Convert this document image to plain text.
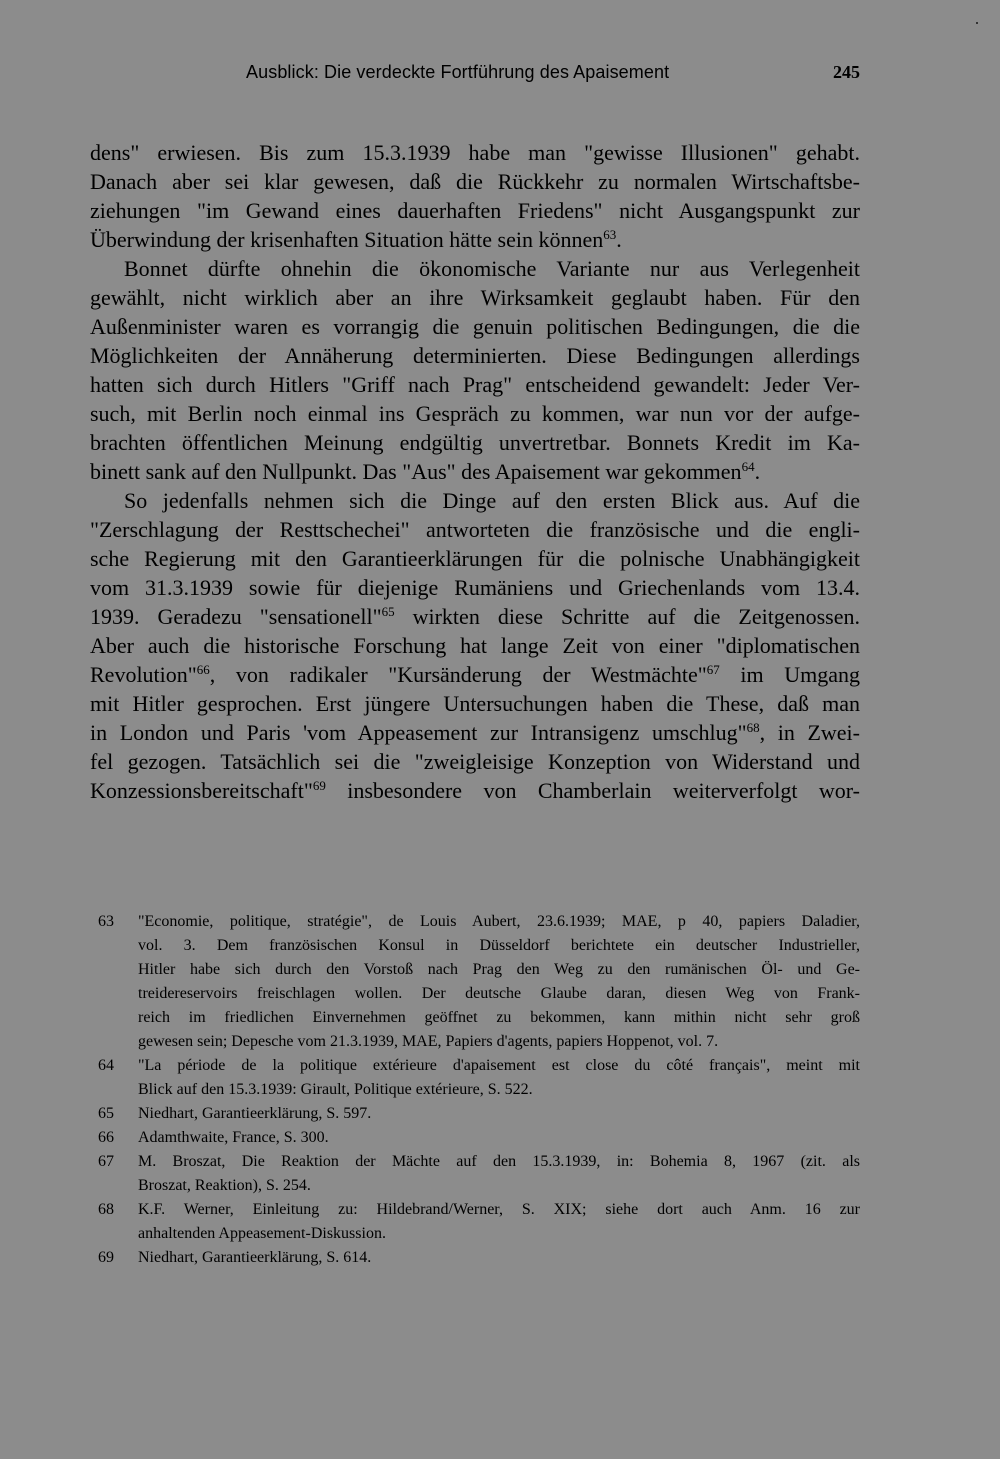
Ausblick: Die verdeckte Fortführung des Apaisement	245
dens" erwiesen. Bis zum 15.3.1939 habe man "gewisse Illusionen" gehabt.
Danach aber sei klar gewesen, daß die Rückkehr zu normalen Wirtschaftsbe-
ziehungen "im Gewand eines dauerhaften Friedens" nicht Ausgangspunkt zur
Überwindung der krisenhaften Situation hätte sein können$^{63}$.
Bonnet dürfte ohnehin die ökonomische Variante nur aus Verlegenheit
gewählt, nicht wirklich aber an ihre Wirksamkeit geglaubt haben. Für den
Außenminister waren es vorrangig die genuin politischen Bedingungen, die die
Möglichkeiten der Annäherung determinierten. Diese Bedingungen allerdings
hatten sich durch Hitlers "Griff nach Prag" entscheidend gewandelt: Jeder Ver-
such, mit Berlin noch einmal ins Gespräch zu kommen, war nun vor der aufge-
brachten öffentlichen Meinung endgültig unvertretbar. Bonnets Kredit im Ka-
binett sank auf den Nullpunkt. Das "Aus" des Apaisement war gekommen$^{64}$.
So jedenfalls nehmen sich die Dinge auf den ersten Blick aus. Auf die
"Zerschlagung der Resttschechei" antworteten die französische und die engli-
sche Regierung mit den Garantieerklärungen für die polnische Unabhängigkeit
vom 31.3.1939 sowie für diejenige Rumäniens und Griechenlands vom 13.4.
1939. Geradezu "sensationell"$^{65}$ wirkten diese Schritte auf die Zeitgenossen.
Aber auch die historische Forschung hat lange Zeit von einer "diplomatischen
Revolution"$^{66}$, von radikaler "Kursänderung der Westmächte"$^{67}$ im Umgang
mit Hitler gesprochen. Erst jüngere Untersuchungen haben die These, daß man
in London und Paris 'vom Appeasement zur Intransigenz umschlug"$^{68}$, in Zwei-
fel gezogen. Tatsächlich sei die "zweigleisige Konzeption von Widerstand und
Konzessionsbereitschaft"$^{69}$ insbesondere von Chamberlain weiterverfolgt wor-
63 "Economie, politique, stratégie", de Louis Aubert, 23.6.1939; MAE, p 40, papiers Daladier,
vol. 3. Dem französischen Konsul in Düsseldorf berichtete ein deutscher Industrieller,
Hitler habe sich durch den Vorstoß nach Prag den Weg zu den rumänischen Öl- und Ge-
treidereservoirs freischlagen wollen. Der deutsche Glaube daran, diesen Weg von Frank-
reich im friedlichen Einvernehmen geöffnet zu bekommen, kann mithin nicht sehr groß
gewesen sein; Depesche vom 21.3.1939, MAE, Papiers d'agents, papiers Hoppenot, vol. 7.
64 "La période de la politique extérieure d'apaisement est close du côté français", meint mit
Blick auf den 15.3.1939: Girault, Politique extérieure, S. 522.
65 Niedhart, Garantieerklärung, S. 597.
66 Adamthwaite, France, S. 300.
67 M. Broszat, Die Reaktion der Mächte auf den 15.3.1939, in: Bohemia 8, 1967 (zit. als
Broszat, Reaktion), S. 254.
68 K.F. Werner, Einleitung zu: Hildebrand/Werner, S. XIX; siehe dort auch Anm. 16 zur
anhaltenden Appeasement-Diskussion.
69 Niedhart, Garantieerklärung, S. 614.
